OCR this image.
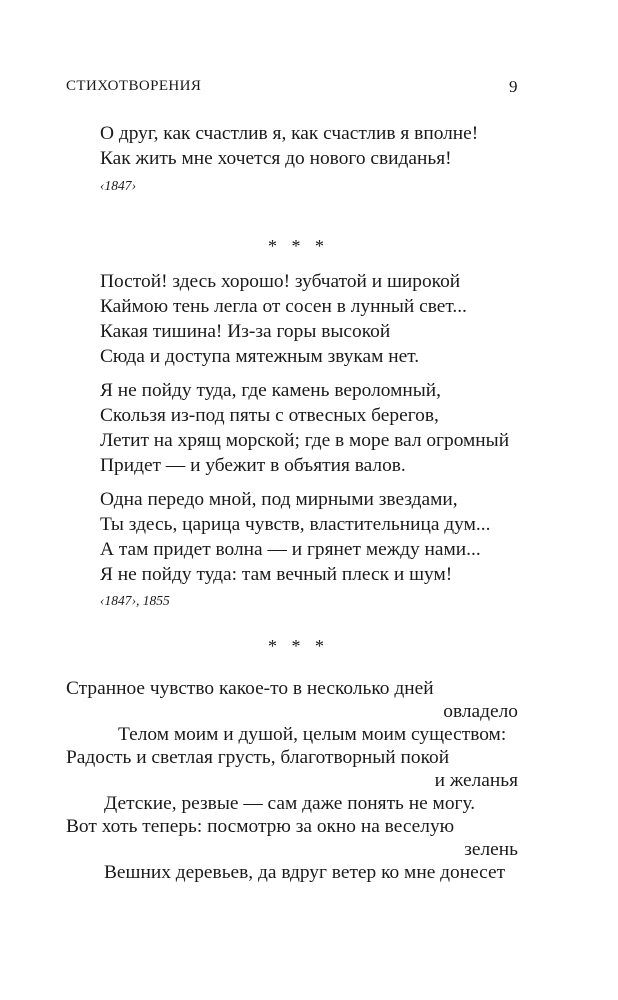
СТИХОТВОРЕНИЯ	9
О друг, как счастлив я, как счастлив я вполне!
Как жить мне хочется до нового свиданья!
‹1847›
* * *
Постой! здесь хорошо! зубчатой и широкой
Каймою тень легла от сосен в лунный свет...
Какая тишина! Из-за горы высокой
Сюда и доступа мятежным звукам нет.
Я не пойду туда, где камень вероломный,
Скользя из-под пяты с отвесных берегов,
Летит на хрящ морской; где в море вал огромный
Придет — и убежит в объятия валов.
Одна передо мной, под мирными звездами,
Ты здесь, царица чувств, властительница дум...
А там придет волна — и грянет между нами...
Я не пойду туда: там вечный плеск и шум!
‹1847›, 1855
* * *
Странное чувство какое-то в несколько дней
овладело
Телом моим и душой, целым моим существом:
Радость и светлая грусть, благотворный покой
и желанья
Детские, резвые — сам даже понять не могу.
Вот хоть теперь: посмотрю за окно на веселую
зелень
Вешних деревьев, да вдруг ветер ко мне донесет
